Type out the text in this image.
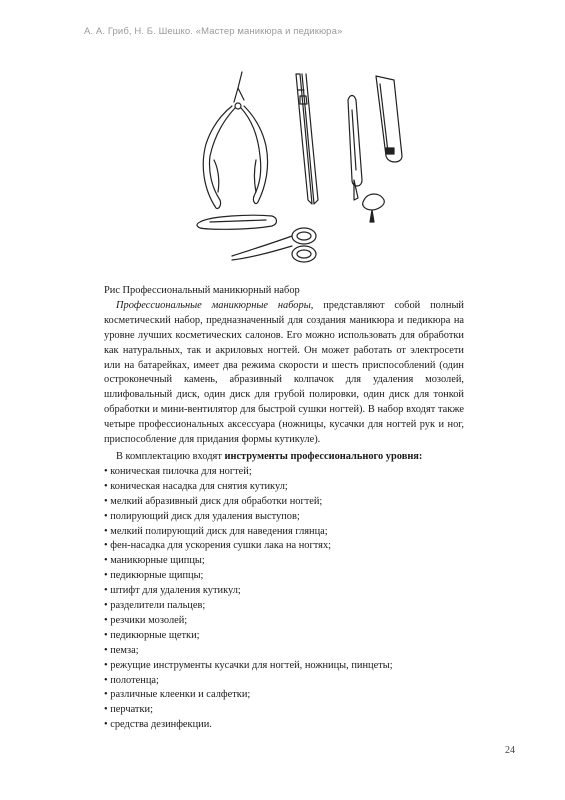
А. А. Гриб, Н. Б. Шешко. «Мастер маникюра и педикюра»

Рис Профессиональный маникюрный набор

Профессиональные маникюрные наборы, представляют собой полный косметический набор, предназначенный для создания маникюра и педикюра на уровне лучших косметических салонов. Его можно использовать для обработки как натуральных, так и акриловых ногтей. Он может работать от электросети или на батарейках, имеет два режима скорости и шесть приспособлений (один остроконечный камень, абразивный колпачок для удаления мозолей, шлифовальный диск, один диск для грубой полировки, один диск для тонкой обработки и мини-вентилятор для быстрой сушки ногтей). В набор входят также четыре профессиональных аксессуара (ножницы, кусачки для ногтей рук и ног, приспособление для придания формы кутикуле).

В комплектацию входят инструменты профессионального уровня:

• коническая пилочка для ногтей;
• коническая насадка для снятия кутикул;
• мелкий абразивный диск для обработки ногтей;
• полирующий диск для удаления выступов;
• мелкий полирующий диск для наведения глянца;
• фен-насадка для ускорения сушки лака на ногтях;
• маникюрные щипцы;
• педикюрные щипцы;
• штифт для удаления кутикул;
• разделители пальцев;
• резчики мозолей;
• педикюрные щетки;
• пемза;
• режущие инструменты кусачки для ногтей, ножницы, пинцеты;
• полотенца;
• различные клеенки и салфетки;
• перчатки;
• средства дезинфекции.
24
